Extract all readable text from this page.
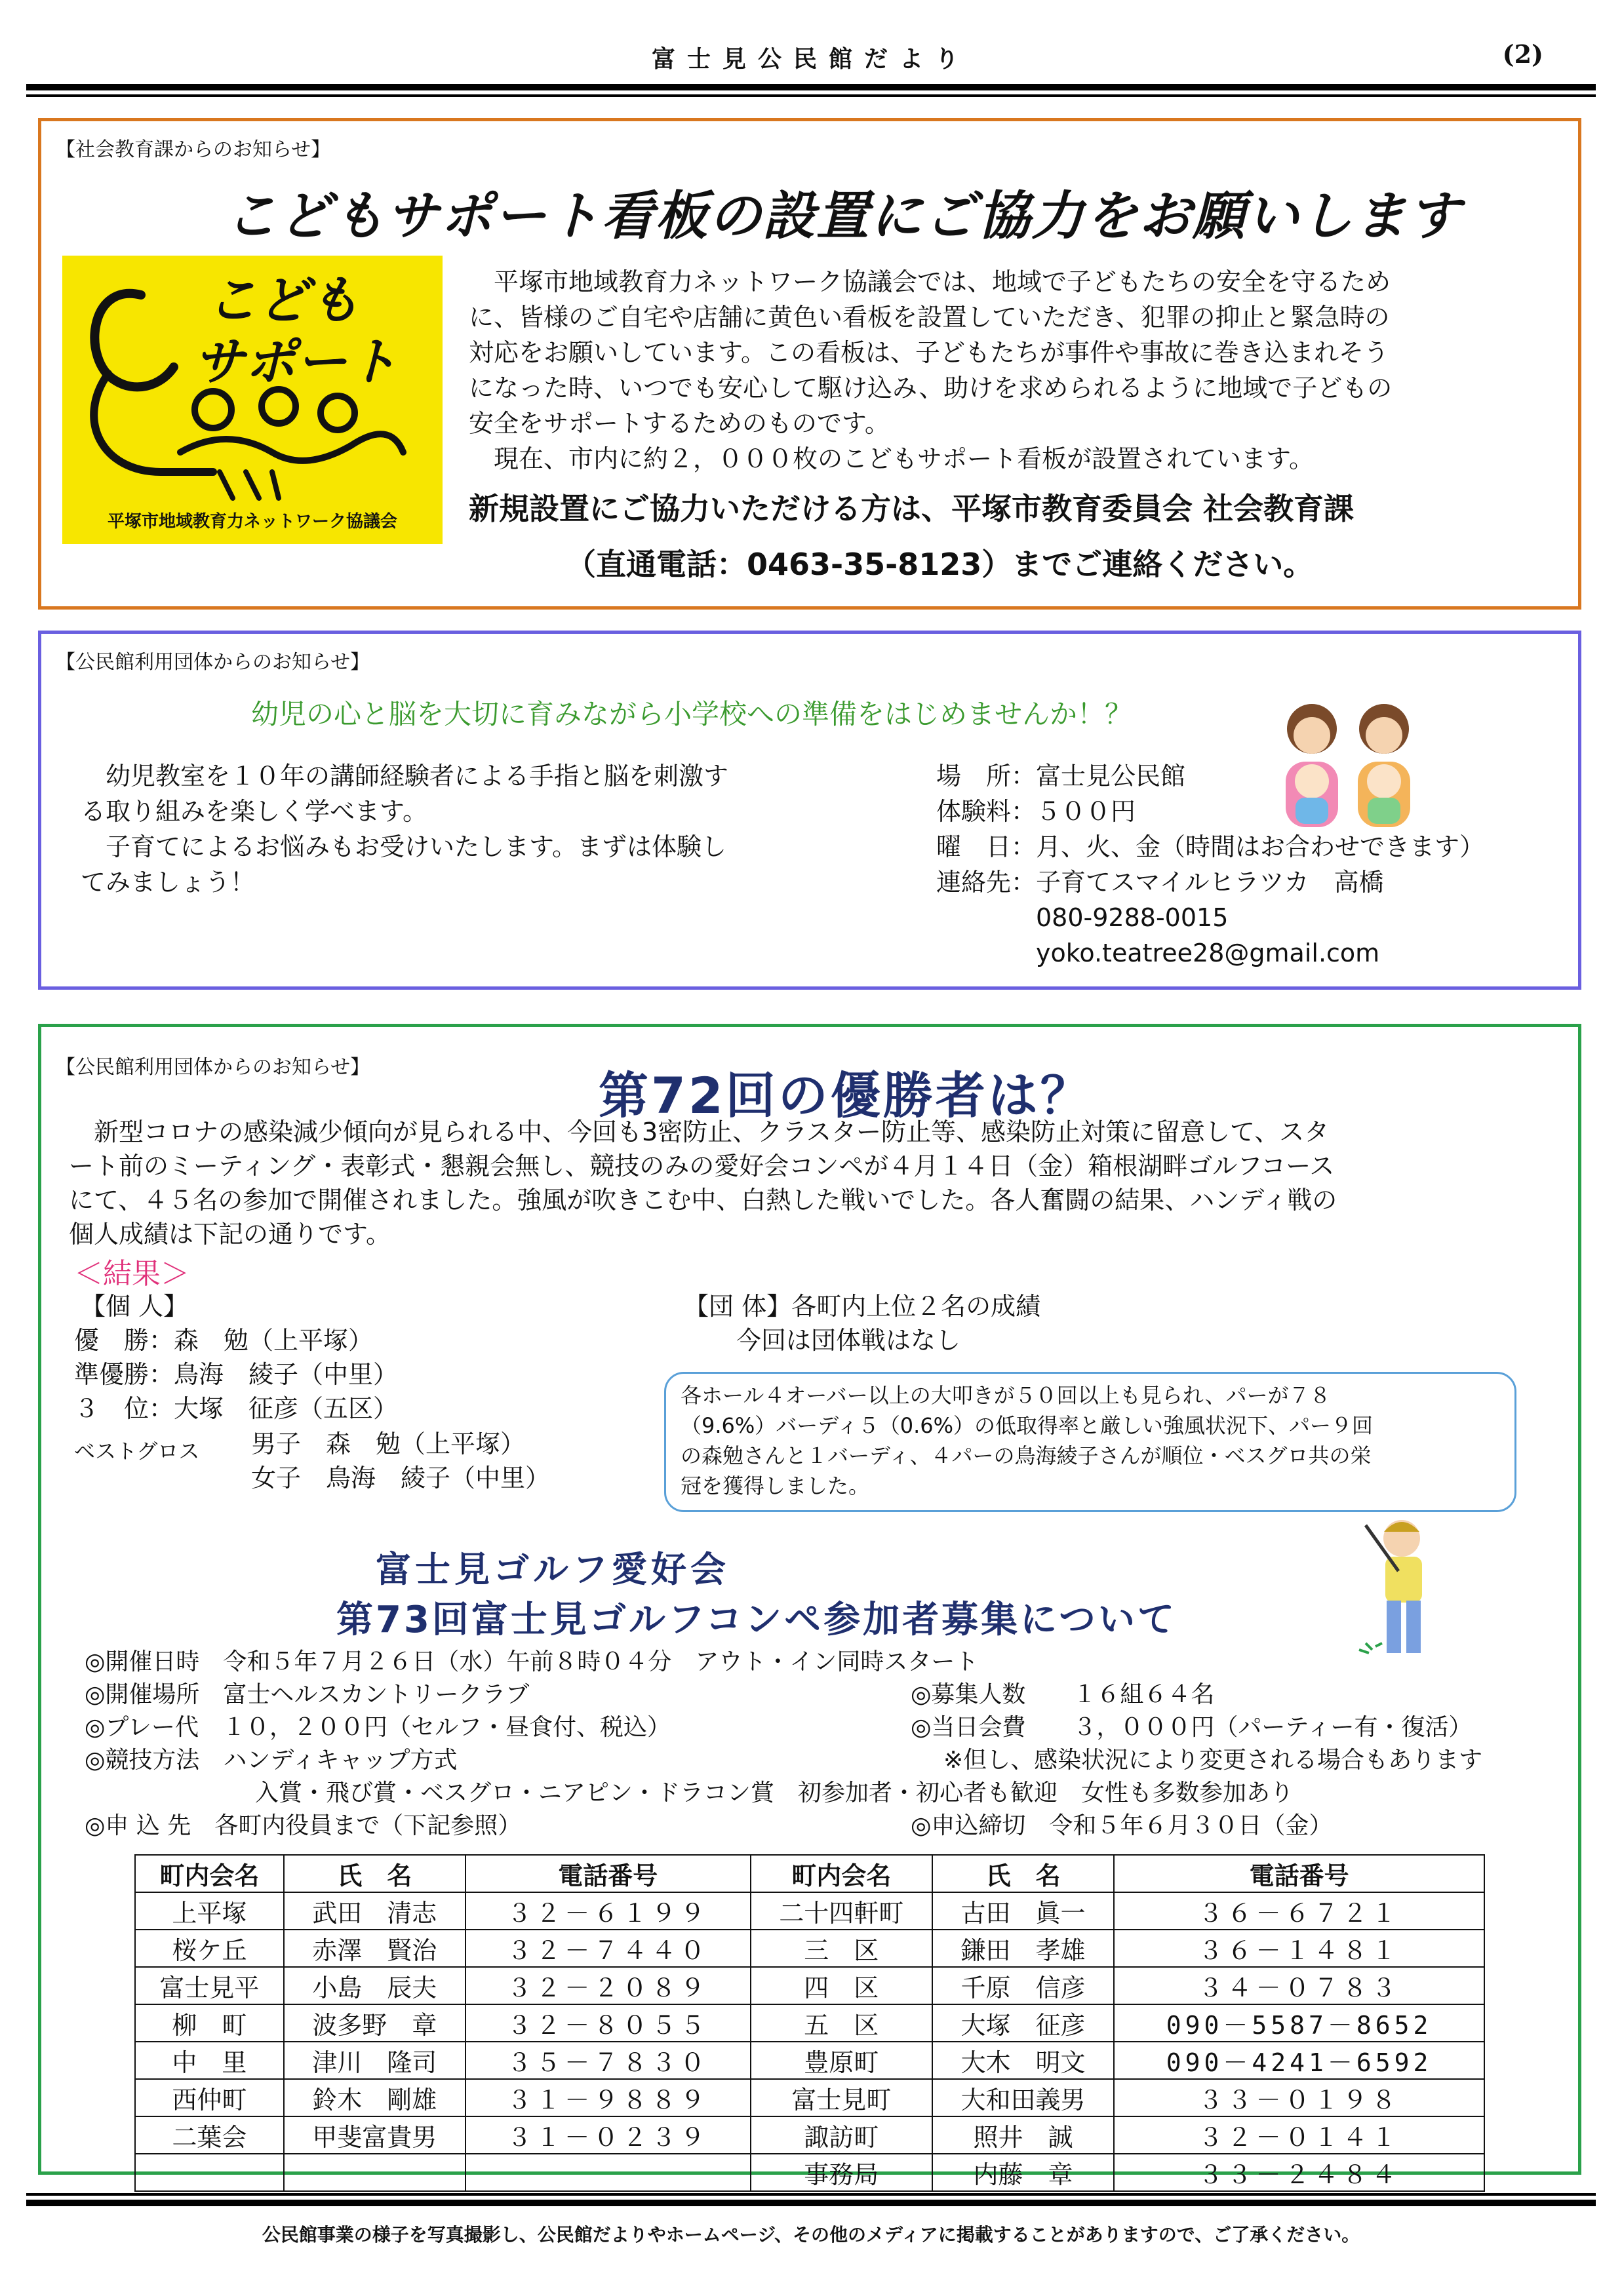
富士見公民館だより	(2)
【社会教育課からのお知らせ】
こどもサポート看板の設置にご協力をお願いします
こども
サポート
平塚市地域教育力ネットワーク協議会
　平塚市地域教育力ネットワーク協議会では、地域で子どもたちの安全を守るため
に、皆様のご自宅や店舗に黄色い看板を設置していただき、犯罪の抑止と緊急時の
対応をお願いしています。この看板は、子どもたちが事件や事故に巻き込まれそう
になった時、いつでも安心して駆け込み、助けを求められるように地域で子どもの
安全をサポートするためのものです。
　現在、市内に約２，０００枚のこどもサポート看板が設置されています。
新規設置にご協力いただける方は、平塚市教育委員会 社会教育課
（直通電話：0463-35-8123）までご連絡ください。
【公民館利用団体からのお知らせ】
幼児の心と脳を大切に育みながら小学校への準備をはじめませんか！？
　幼児教室を１０年の講師経験者による手指と脳を刺激す
る取り組みを楽しく学べます。
　子育てによるお悩みもお受けいたします。まずは体験し
てみましょう！
場　所：富士見公民館
体験料：５００円
曜　日：月、火、金（時間はお合わせできます）
連絡先：子育てスマイルヒラツカ　高橋
　　　　080-9288-0015
　　　　yoko.teatree28@gmail.com
【公民館利用団体からのお知らせ】	第72回の優勝者は？
　新型コロナの感染減少傾向が見られる中、今回も3密防止、クラスター防止等、感染防止対策に留意して、スタ
ート前のミーティング・表彰式・懇親会無し、競技のみの愛好会コンペが４月１４日（金）箱根湖畔ゴルフコース
にて、４５名の参加で開催されました。強風が吹きこむ中、白熱した戦いでした。各人奮闘の結果、ハンディ戦の
個人成績は下記の通りです。
＜結果＞
【個 人】
優　勝：森　勉（上平塚）
準優勝：鳥海　綾子（中里）
３　位：大塚　征彦（五区）
ベストグロス 男子　森　勉（上平塚）
女子　鳥海　綾子（中里）
【団 体】各町内上位２名の成績
今回は団体戦はなし
各ホール４オーバー以上の大叩きが５０回以上も見られ、パーが７８
（9.6%）バーディ５（0.6%）の低取得率と厳しい強風状況下、パー９回
の森勉さんと１バーディ、４パーの鳥海綾子さんが順位・ベスグロ共の栄
冠を獲得しました。
富士見ゴルフ愛好会
第73回富士見ゴルフコンペ参加者募集について
◎開催日時　令和５年７月２６日（水）午前８時０４分　アウト・イン同時スタート
◎開催場所　富士ヘルスカントリークラブ	◎募集人数　　１６組６４名
◎プレー代　１０，２００円（セルフ・昼食付、税込）	◎当日会費　　３，０００円（パーティー有・復活）
◎競技方法　ハンディキャップ方式	※但し、感染状況により変更される場合もあります
入賞・飛び賞・ベスグロ・ニアピン・ドラコン賞　初参加者・初心者も歓迎　女性も多数参加あり
◎申 込 先　各町内役員まで（下記参照）	◎申込締切　令和５年６月３０日（金）
町内会名	氏　名	電話番号	町内会名	氏　名	電話番号
上平塚	武田　清志	３２－６１９９	二十四軒町	古田　眞一	３６－６７２１
桜ケ丘	赤澤　賢治	３２－７４４０	三　区	鎌田　孝雄	３６－１４８１
富士見平	小島　辰夫	３２－２０８９	四　区	千原　信彦	３４－０７８３
柳　町	波多野　章	３２－８０５５	五　区	大塚　征彦	090－5587－8652
中　里	津川　隆司	３５－７８３０	豊原町	大木　明文	090－4241－6592
西仲町	鈴木　剛雄	３１－９８８９	富士見町	大和田義男	３３－０１９８
二葉会	甲斐富貴男	３１－０２３９	諏訪町	照井　誠	３２－０１４１
			事務局	内藤　章	３３－２４８４
公民館事業の様子を写真撮影し、公民館だよりやホームページ、その他のメディアに掲載することがありますので、ご了承ください。
